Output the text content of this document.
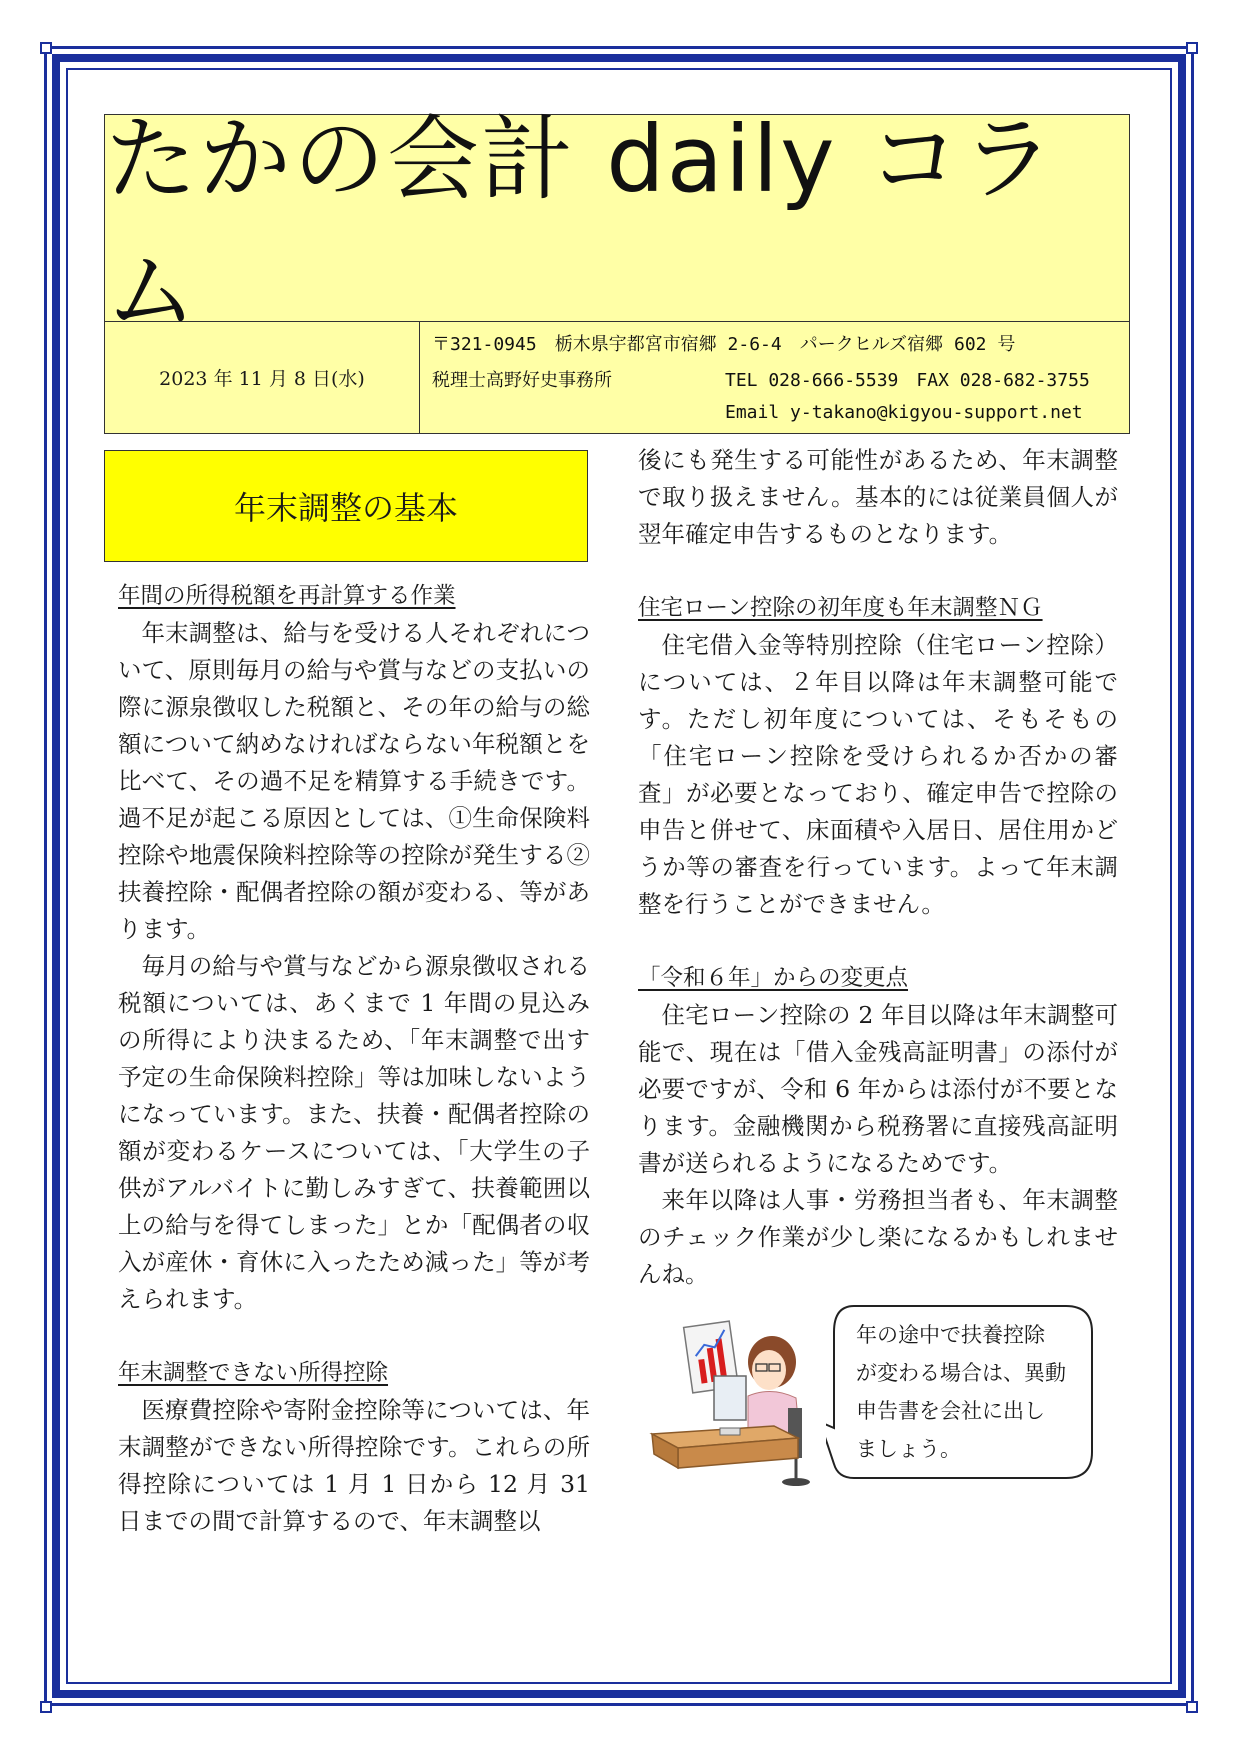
たかの会計 daily コラム
2023 年 11 月 8 日(水)
〒321-0945　栃木県宇都宮市宿郷 2-6-4　パークヒルズ宿郷 602 号
税理士高野好史事務所	TEL 028-666-5539　FAX 028-682-3755
Email y-takano@kigyou-support.net
年末調整の基本
年間の所得税額を再計算する作業

年末調整は、給与を受ける人それぞれについて、原則毎月の給与や賞与などの支払いの際に源泉徴収した税額と、その年の給与の総額について納めなければならない年税額とを比べて、その過不足を精算する手続きです。過不足が起こる原因としては、①生命保険料控除や地震保険料控除等の控除が発生する②扶養控除・配偶者控除の額が変わる、等があります。

毎月の給与や賞与などから源泉徴収される税額については、あくまで 1 年間の見込みの所得により決まるため、「年末調整で出す予定の生命保険料控除」等は加味しないようになっています。また、扶養・配偶者控除の額が変わるケースについては、「大学生の子供がアルバイトに勤しみすぎて、扶養範囲以上の給与を得てしまった」とか「配偶者の収入が産休・育休に入ったため減った」等が考えられます。

年末調整できない所得控除

医療費控除や寄附金控除等については、年末調整ができない所得控除です。これらの所得控除については 1 月 1 日から 12 月 31 日までの間で計算するので、年末調整以

後にも発生する可能性があるため、年末調整で取り扱えません。基本的には従業員個人が翌年確定申告するものとなります。

住宅ローン控除の初年度も年末調整ＮＧ

住宅借入金等特別控除（住宅ローン控除）については、２年目以降は年末調整可能です。ただし初年度については、そもそもの「住宅ローン控除を受けられるか否かの審査」が必要となっており、確定申告で控除の申告と併せて、床面積や入居日、居住用かどうか等の審査を行っています。よって年末調整を行うことができません。

「令和６年」からの変更点

住宅ローン控除の 2 年目以降は年末調整可能で、現在は「借入金残高証明書」の添付が必要ですが、令和 6 年からは添付が不要となります。金融機関から税務署に直接残高証明書が送られるようになるためです。

来年以降は人事・労務担当者も、年末調整のチェック作業が少し楽になるかもしれませんね。

年の途中で扶養控除
が変わる場合は、異動
申告書を会社に出し
ましょう。
